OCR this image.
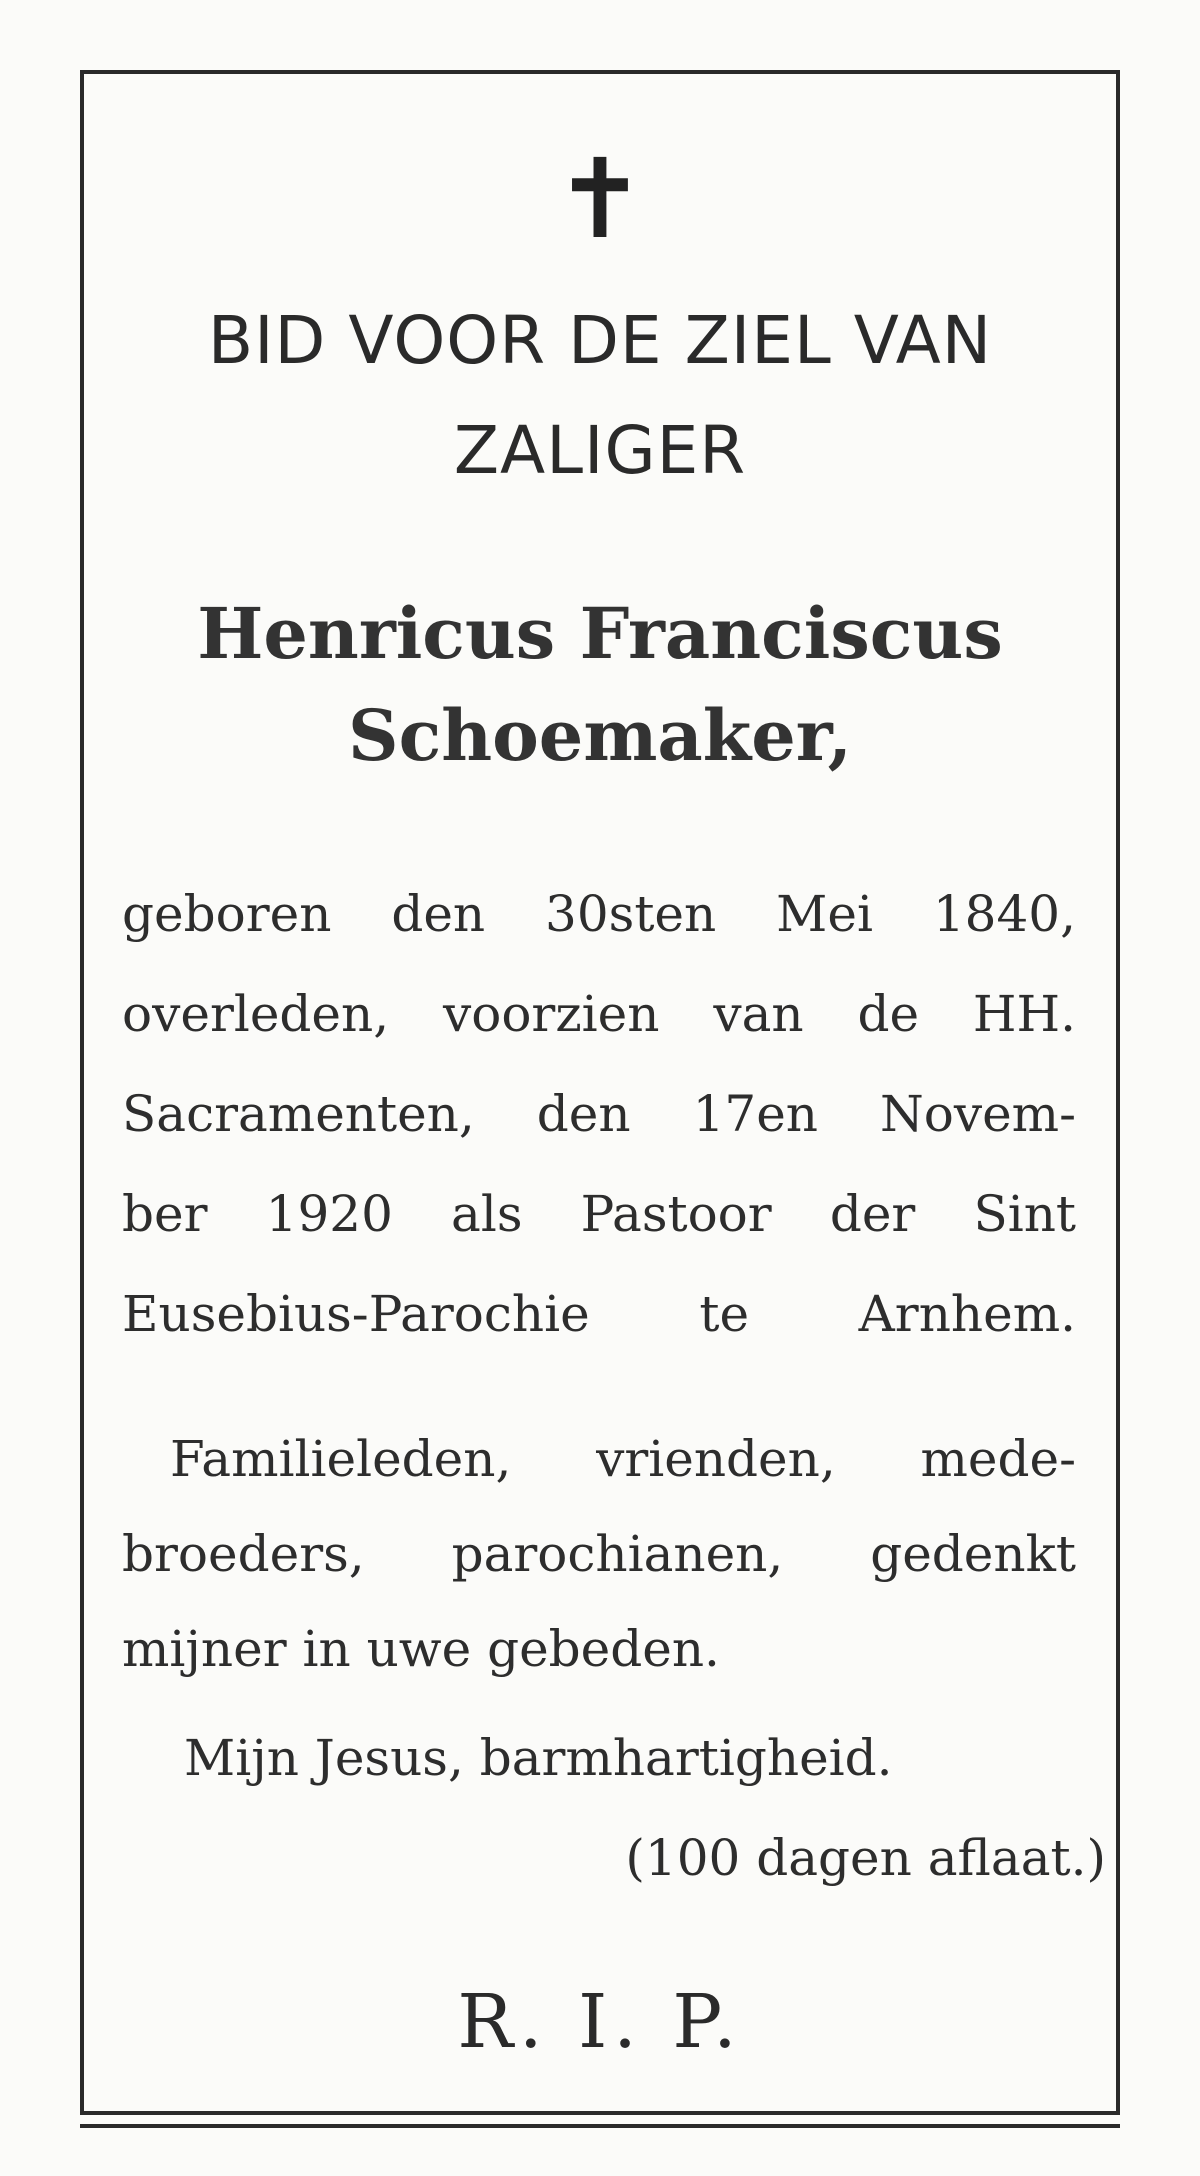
✝
BID VOOR DE ZIEL VAN
ZALIGER
Henricus Franciscus
Schoemaker,
geboren den 30sten Mei 1840,
overleden, voorzien van de HH.
Sacramenten, den 17en Novem-
ber 1920 als Pastoor der Sint
Eusebius-Parochie te Arnhem.
Familieleden, vrienden, mede-
broeders, parochianen, gedenkt
mijner in uwe gebeden.
Mijn Jesus, barmhartigheid.
(100 dagen aflaat.)
R. I. P.
